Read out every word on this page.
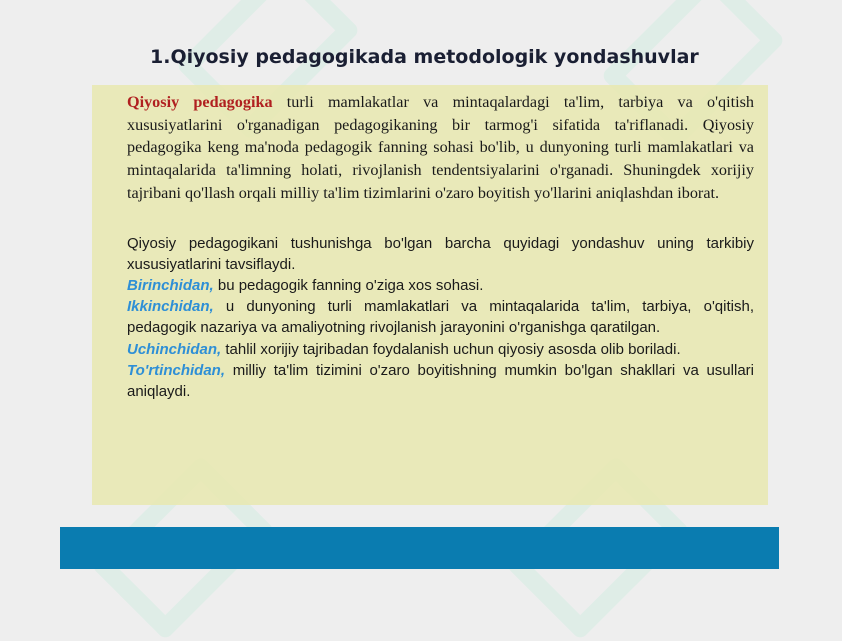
1.Qiyosiy pedagogikada metodologik yondashuvlar

Qiyosiy pedagogika turli mamlakatlar va mintaqalardagi ta'lim, tarbiya va o'qitish xususiyatlarini o'rganadigan pedagogikaning bir tarmog'i sifatida ta'riflanadi. Qiyosiy pedagogika keng ma'noda pedagogik fanning sohasi bo'lib, u dunyoning turli mamlakatlari va mintaqalarida ta'limning holati, rivojlanish tendentsiyalarini o'rganadi. Shuningdek xorijiy tajribani qo'llash orqali milliy ta'lim tizimlarini o'zaro boyitish yo'llarini aniqlashdan iborat.

Qiyosiy pedagogikani tushunishga bo'lgan barcha quyidagi yondashuv uning tarkibiy xususiyatlarini tavsiflaydi.

Birinchidan, bu pedagogik fanning o'ziga xos sohasi.

Ikkinchidan, u dunyoning turli mamlakatlari va mintaqalarida ta'lim, tarbiya, o'qitish, pedagogik nazariya va amaliyotning rivojlanish jarayonini o'rganishga qaratilgan.

Uchinchidan, tahlil xorijiy tajribadan foydalanish uchun qiyosiy asosda olib boriladi.

To'rtinchidan, milliy ta'lim tizimini o'zaro boyitishning mumkin bo'lgan shakllari va usullari aniqlaydi.
